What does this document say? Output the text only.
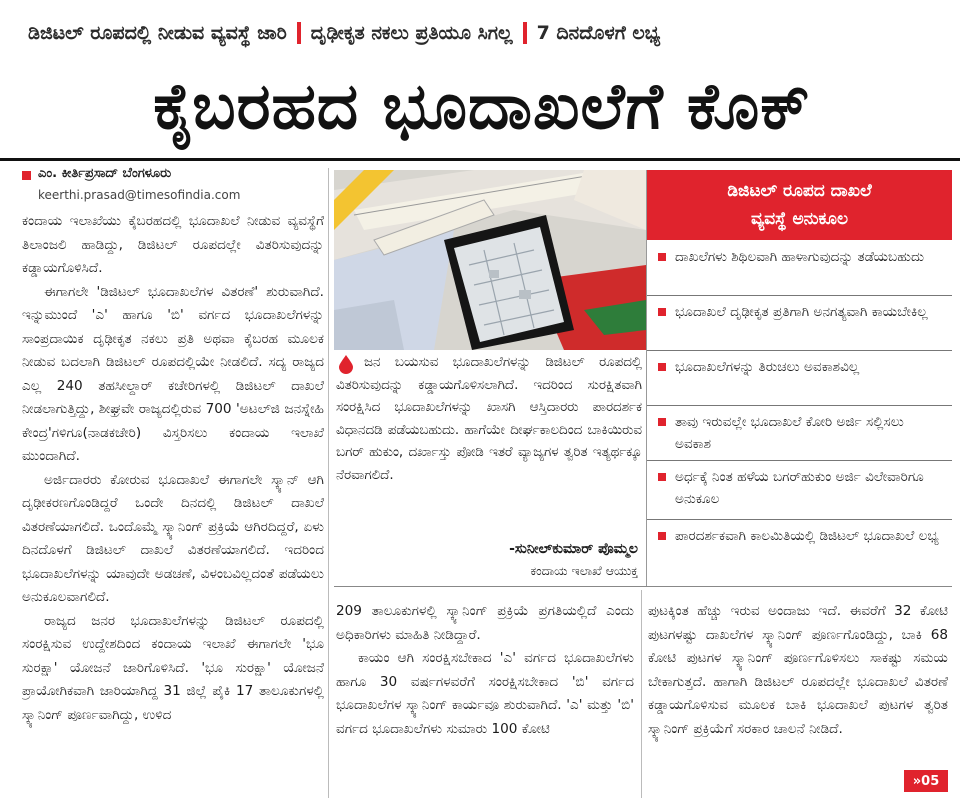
ಡಿಜಿಟಲ್ ರೂಪದಲ್ಲಿ ನೀಡುವ ವ್ಯವಸ್ಥೆ ಜಾರಿ ದೃಢೀಕೃತ ನಕಲು ಪ್ರತಿಯೂ ಸಿಗಲ್ಲ 7 ದಿನದೊಳಗೆ ಲಭ್ಯ
ಕೈಬರಹದ ಭೂದಾಖಲೆಗೆ ಕೊಕ್
ಎಂ. ಕೀರ್ತಿಪ್ರಸಾದ್ ಬೆಂಗಳೂರು
keerthi.prasad@timesofindia.com

ಕಂದಾಯ ಇಲಾಖೆಯು ಕೈಬರಹದಲ್ಲಿ ಭೂದಾಖಲೆ ನೀಡುವ ವ್ಯವಸ್ಥೆಗೆ ತಿಲಾಂಜಲಿ ಹಾಡಿದ್ದು, ಡಿಜಿಟಲ್ ರೂಪದಲ್ಲೇ ವಿತರಿಸುವುದನ್ನು ಕಡ್ಡಾಯಗೊಳಿಸಿದೆ.

ಈಗಾಗಲೇ 'ಡಿಜಿಟಲ್ ಭೂದಾಖಲೆಗಳ ವಿತರಣೆ' ಶುರುವಾಗಿದೆ. ಇನ್ನುಮುಂದೆ 'ಎ' ಹಾಗೂ 'ಬಿ' ವರ್ಗದ ಭೂದಾಖಲೆಗಳನ್ನು ಸಾಂಪ್ರದಾಯಿಕ ದೃಢೀಕೃತ ನಕಲು ಪ್ರತಿ ಅಥವಾ ಕೈಬರಹ ಮೂಲಕ ನೀಡುವ ಬದಲಾಗಿ ಡಿಜಿಟಲ್ ರೂಪದಲ್ಲಿಯೇ ನೀಡಲಿದೆ. ಸದ್ಯ ರಾಜ್ಯದ ಎಲ್ಲ 240 ತಹಸೀಲ್ದಾರ್ ಕಚೇರಿಗಳಲ್ಲಿ ಡಿಜಿಟಲ್ ದಾಖಲೆ ನೀಡಲಾಗುತ್ತಿದ್ದು, ಶೀಘ್ರವೇ ರಾಜ್ಯದಲ್ಲಿರುವ 700 'ಅಟಲ್‌ಜಿ ಜನಸ್ನೇಹಿ ಕೇಂದ್ರ'ಗಳಿಗೂ(ನಾಡಕಚೇರಿ) ವಿಸ್ತರಿಸಲು ಕಂದಾಯ ಇಲಾಖೆ ಮುಂದಾಗಿದೆ.

ಅರ್ಜಿದಾರರು ಕೋರುವ ಭೂದಾಖಲೆ ಈಗಾಗಲೇ ಸ್ಕ್ಯಾನ್ ಆಗಿ ದೃಢೀಕರಣಗೊಂಡಿದ್ದರೆ ಒಂದೇ ದಿನದಲ್ಲಿ ಡಿಜಿಟಲ್ ದಾಖಲೆ ವಿತರಣೆಯಾಗಲಿದೆ. ಒಂದೊಮ್ಮೆ ಸ್ಕ್ಯಾನಿಂಗ್ ಪ್ರಕ್ರಿಯೆ ಆಗಿರದಿದ್ದರೆ, ಏಳು ದಿನದೊಳಗೆ ಡಿಜಿಟಲ್ ದಾಖಲೆ ವಿತರಣೆಯಾಗಲಿದೆ. ಇದರಿಂದ ಭೂದಾಖಲೆಗಳನ್ನು ಯಾವುದೇ ಅಡಚಣೆ, ವಿಳಂಬವಿಲ್ಲದಂತೆ ಪಡೆಯಲು ಅನುಕೂಲವಾಗಲಿದೆ.

ರಾಜ್ಯದ ಜನರ ಭೂದಾಖಲೆಗಳನ್ನು ಡಿಜಿಟಲ್ ರೂಪದಲ್ಲಿ ಸಂರಕ್ಷಿಸುವ ಉದ್ದೇಶದಿಂದ ಕಂದಾಯ ಇಲಾಖೆ ಈಗಾಗಲೇ 'ಭೂ ಸುರಕ್ಷಾ' ಯೋಜನೆ ಜಾರಿಗೊಳಿಸಿದೆ. 'ಭೂ ಸುರಕ್ಷಾ' ಯೋಜನೆ ಪ್ರಾಯೋಗಿಕವಾಗಿ ಜಾರಿಯಾಗಿದ್ದ 31 ಜಿಲ್ಲೆ ಪೈಕಿ 17 ತಾಲೂಕುಗಳಲ್ಲಿ ಸ್ಕ್ಯಾನಿಂಗ್ ಪೂರ್ಣವಾಗಿದ್ದು, ಉಳಿದ

ಜನ ಬಯಸುವ ಭೂದಾಖಲೆಗಳನ್ನು ಡಿಜಿಟಲ್ ರೂಪದಲ್ಲಿ ವಿತರಿಸುವುದನ್ನು ಕಡ್ಡಾಯಗೊಳಿಸಲಾಗಿದೆ. ಇದರಿಂದ ಸುರಕ್ಷಿತವಾಗಿ ಸಂರಕ್ಷಿಸಿದ ಭೂದಾಖಲೆಗಳನ್ನು ಖಾಸಗಿ ಆಸ್ತಿದಾರರು ಪಾರದರ್ಶಕ ವಿಧಾನದಡಿ ಪಡೆಯಬಹುದು. ಹಾಗೆಯೇ ದೀರ್ಘಕಾಲದಿಂದ ಬಾಕಿಯಿರುವ ಬಗರ್ ಹುಕುಂ, ದರ್ಖಾಸ್ತು ಪೋಡಿ ಇತರೆ ವ್ಯಾಜ್ಯಗಳ ತ್ವರಿತ ಇತ್ಯರ್ಥಕ್ಕೂ ನೆರವಾಗಲಿದೆ.
-ಸುನೀಲ್‌ಕುಮಾರ್ ಪೊಮ್ಮಲ
ಕಂದಾಯ ಇಲಾಖೆ ಆಯುಕ್ತ
ಡಿಜಿಟಲ್ ರೂಪದ ದಾಖಲೆ
ವ್ಯವಸ್ಥೆ ಅನುಕೂಲ
ದಾಖಲೆಗಳು ಶಿಥಿಲವಾಗಿ ಹಾಳಾಗುವುದನ್ನು ತಡೆಯಬಹುದು
ಭೂದಾಖಲೆ ದೃಢೀಕೃತ ಪ್ರತಿಗಾಗಿ ಅನಗತ್ಯವಾಗಿ ಕಾಯಬೇಕಿಲ್ಲ
ಭೂದಾಖಲೆಗಳನ್ನು ತಿರುಚಲು ಅವಕಾಶವಿಲ್ಲ
ತಾವು ಇರುವಲ್ಲೇ ಭೂದಾಖಲೆ ಕೋರಿ ಅರ್ಜಿ ಸಲ್ಲಿಸಲು ಅವಕಾಶ
ಅರ್ಧಕ್ಕೆ ನಿಂತ ಹಳೆಯ ಬಗರ್‌ಹುಕುಂ ಅರ್ಜಿ ವಿಲೇವಾರಿಗೂ ಅನುಕೂಲ
ಪಾರದರ್ಶಕವಾಗಿ ಕಾಲಮಿತಿಯಲ್ಲಿ ಡಿಜಿಟಲ್ ಭೂದಾಖಲೆ ಲಭ್ಯ

209 ತಾಲೂಕುಗಳಲ್ಲಿ ಸ್ಕ್ಯಾನಿಂಗ್ ಪ್ರಕ್ರಿಯೆ ಪ್ರಗತಿಯಲ್ಲಿದೆ ಎಂದು ಅಧಿಕಾರಿಗಳು ಮಾಹಿತಿ ನೀಡಿದ್ದಾರೆ.

ಕಾಯಂ ಆಗಿ ಸಂರಕ್ಷಿಸಬೇಕಾದ 'ಎ' ವರ್ಗದ ಭೂದಾಖಲೆಗಳು ಹಾಗೂ 30 ವರ್ಷಗಳವರೆಗೆ ಸಂರಕ್ಷಿಸಬೇಕಾದ 'ಬಿ' ವರ್ಗದ ಭೂದಾಖಲೆಗಳ ಸ್ಕ್ಯಾನಿಂಗ್ ಕಾರ್ಯವೂ ಶುರುವಾಗಿದೆ. 'ಎ' ಮತ್ತು 'ಬಿ' ವರ್ಗದ ಭೂದಾಖಲೆಗಳು ಸುಮಾರು 100 ಕೋಟಿ

ಪುಟಕ್ಕಿಂತ ಹೆಚ್ಚು ಇರುವ ಅಂದಾಜು ಇದೆ. ಈವರೆಗೆ 32 ಕೋಟಿ ಪುಟಗಳಷ್ಟು ದಾಖಲೆಗಳ ಸ್ಕ್ಯಾನಿಂಗ್ ಪೂರ್ಣಗೊಂಡಿದ್ದು, ಬಾಕಿ 68 ಕೋಟಿ ಪುಟಗಳ ಸ್ಕ್ಯಾನಿಂಗ್ ಪೂರ್ಣಗೊಳಿಸಲು ಸಾಕಷ್ಟು ಸಮಯ ಬೇಕಾಗುತ್ತದೆ. ಹಾಗಾಗಿ ಡಿಜಿಟಲ್ ರೂಪದಲ್ಲೇ ಭೂದಾಖಲೆ ವಿತರಣೆ ಕಡ್ಡಾಯಗೊಳಿಸುವ ಮೂಲಕ ಬಾಕಿ ಭೂದಾಖಲೆ ಪುಟಗಳ ತ್ವರಿತ ಸ್ಕ್ಯಾನಿಂಗ್ ಪ್ರಕ್ರಿಯೆಗೆ ಸರಕಾರ ಚಾಲನೆ ನೀಡಿದೆ.

»05
